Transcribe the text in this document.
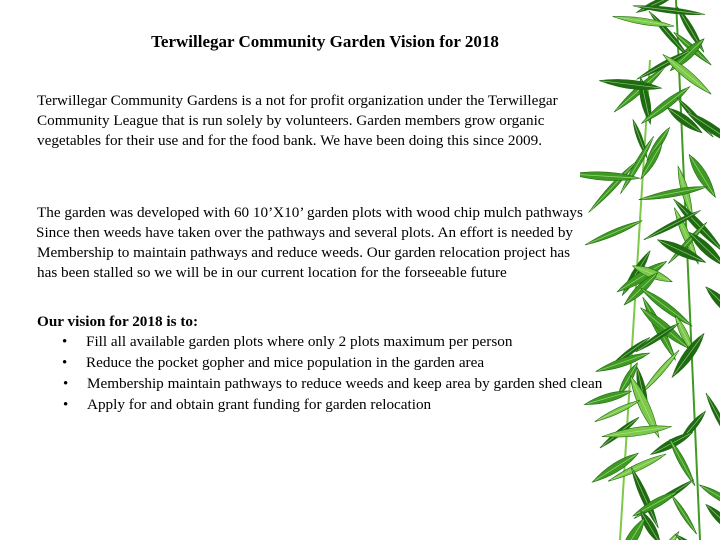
Terwillegar Community Garden Vision for 2018
Terwillegar Community Gardens is a not for profit organization under the Terwillegar
Community League that is run solely by volunteers. Garden members grow organic
vegetables for their use and for the food bank. We have been doing this since 2009.
The garden was developed with 60 10’X10’ garden plots with wood chip mulch pathways
Since then weeds have taken over the pathways and several plots. An effort is needed by
Membership to maintain pathways and reduce weeds. Our garden relocation project has
has been stalled so we will be in our current location for the forseeable future
Our vision for 2018 is to:
• Fill all available garden plots where only 2 plots maximum per person
• Reduce the pocket gopher and mice population in the garden area
• Membership maintain pathways to reduce weeds and keep area by garden shed clean
• Apply for and obtain grant funding for garden relocation
